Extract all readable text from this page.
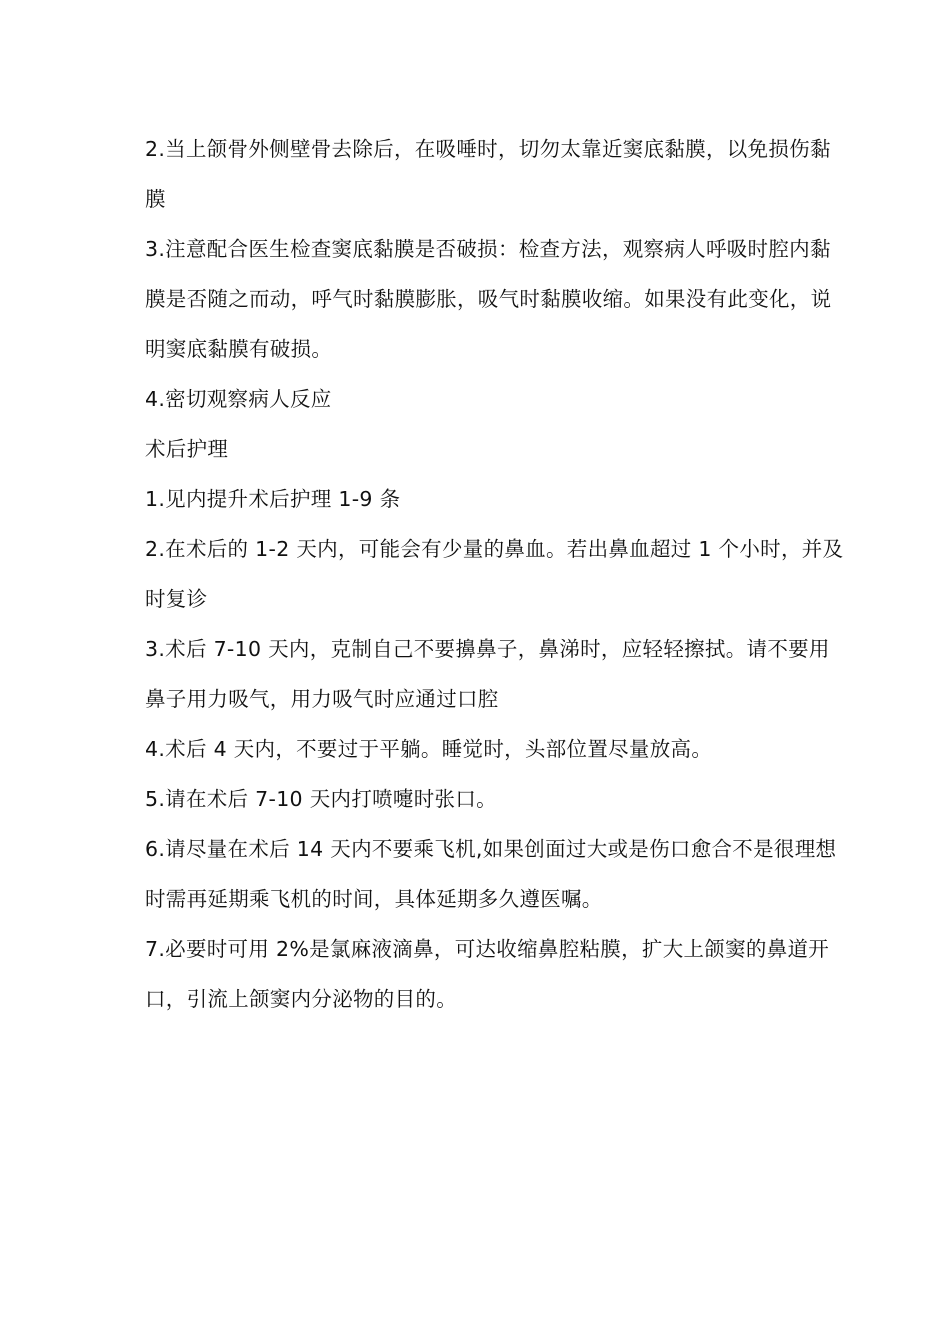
2.当上颌骨外侧壁骨去除后，在吸唾时，切勿太靠近窦底黏膜，以免损伤黏膜

3.注意配合医生检查窦底黏膜是否破损：检查方法，观察病人呼吸时腔内黏膜是否随之而动，呼气时黏膜膨胀，吸气时黏膜收缩。如果没有此变化，说明窦底黏膜有破损。

4.密切观察病人反应

术后护理

1.见内提升术后护理 1-9 条

2.在术后的 1-2 天内，可能会有少量的鼻血。若出鼻血超过 1 个小时，并及时复诊

3.术后 7-10 天内，克制自己不要擤鼻子，鼻涕时，应轻轻擦拭。请不要用鼻子用力吸气，用力吸气时应通过口腔

4.术后 4 天内，不要过于平躺。睡觉时，头部位置尽量放高。

5.请在术后 7-10 天内打喷嚏时张口。

6.请尽量在术后 14 天内不要乘飞机,如果创面过大或是伤口愈合不是很理想时需再延期乘飞机的时间，具体延期多久遵医嘱。

7.必要时可用 2%是氯麻液滴鼻，可达收缩鼻腔粘膜，扩大上颌窦的鼻道开口，引流上颌窦内分泌物的目的。
